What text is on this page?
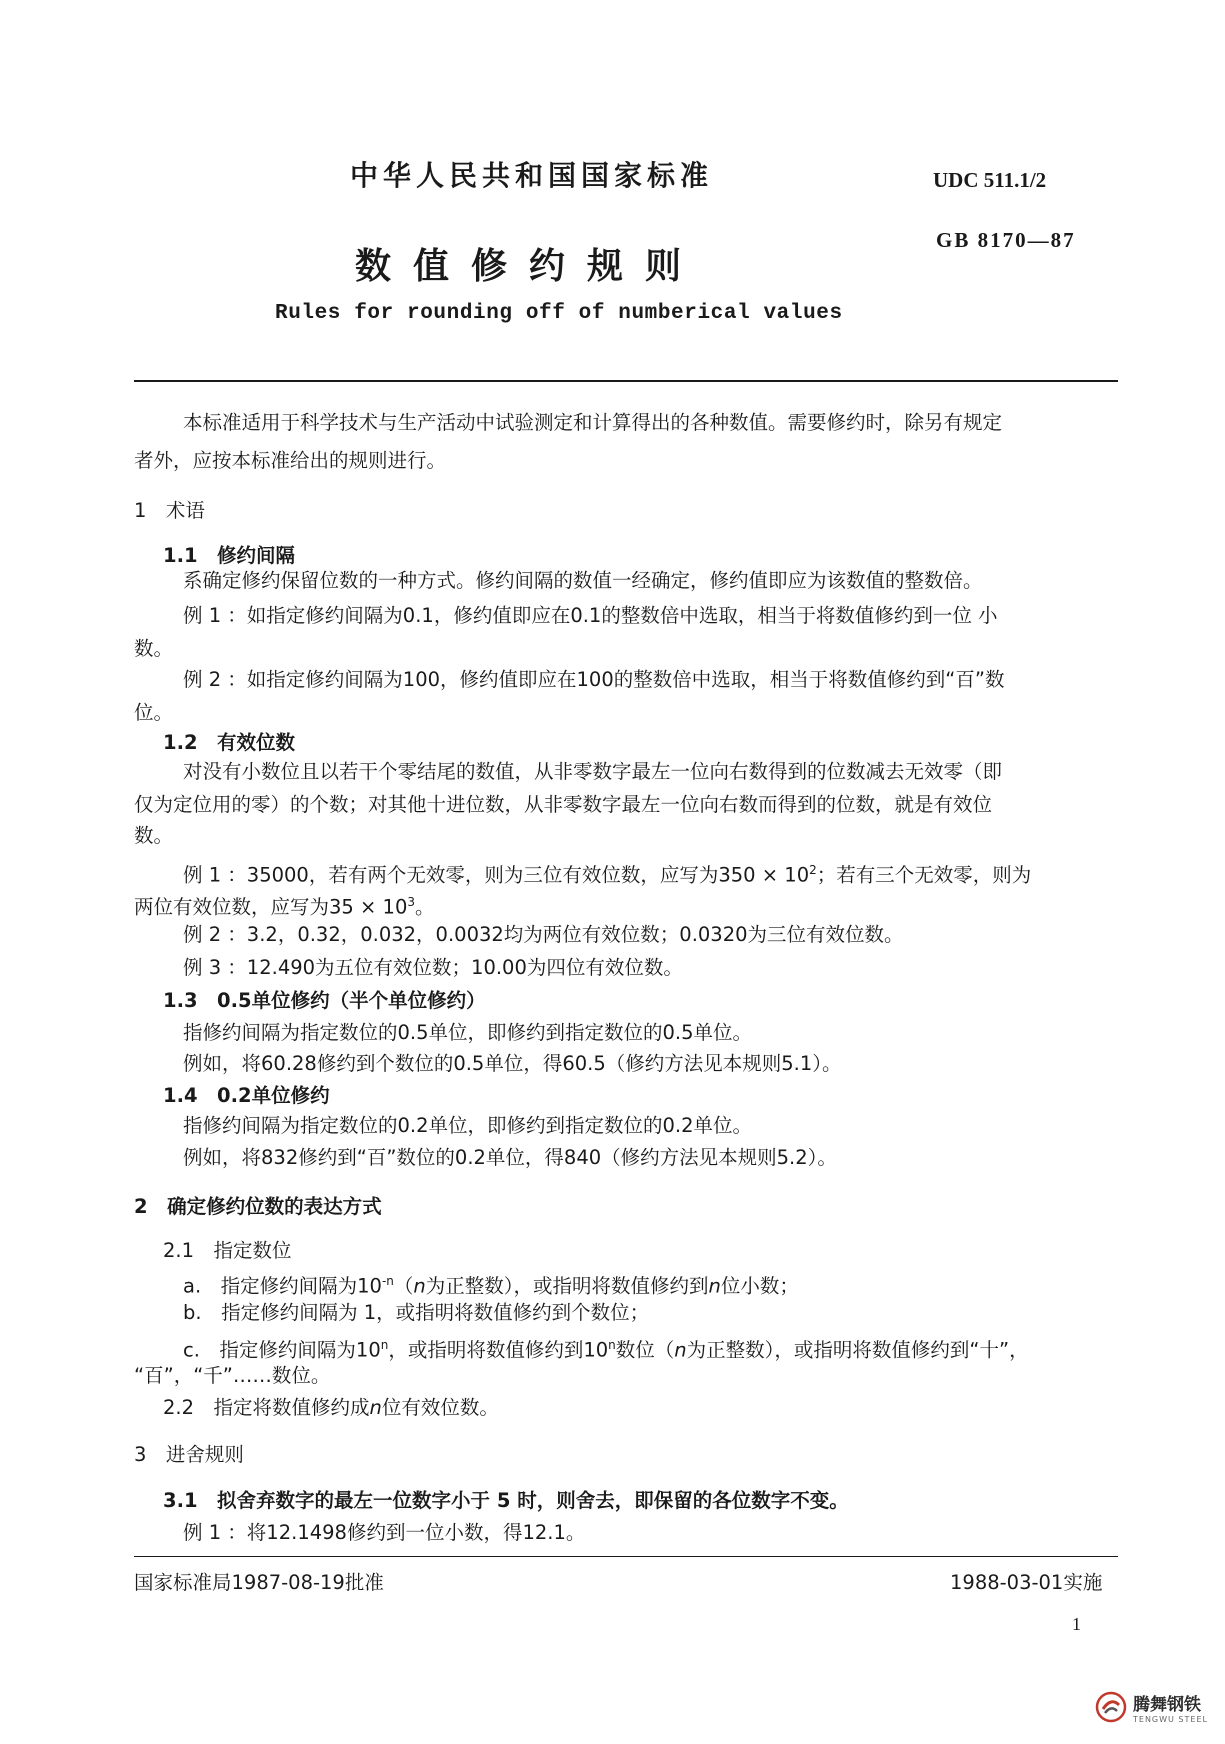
中华人民共和国国家标准	UDC 511.1/2
数值修约规则
GB 8170—87
Rules for rounding off of numberical values
本标准适用于科学技术与生产活动中试验测定和计算得出的各种数值。需要修约时，除另有规定
者外，应按本标准给出的规则进行。
1　术语
1.1　修约间隔
系确定修约保留位数的一种方式。修约间隔的数值一经确定，修约值即应为该数值的整数倍。
例 1 ：如指定修约间隔为0.1，修约值即应在0.1的整数倍中选取，相当于将数值修约到一位 小
数。
例 2 ：如指定修约间隔为100，修约值即应在100的整数倍中选取，相当于将数值修约到“百”数
位。
1.2　有效位数
对没有小数位且以若干个零结尾的数值，从非零数字最左一位向右数得到的位数减去无效零（即
仅为定位用的零）的个数；对其他十进位数，从非零数字最左一位向右数而得到的位数，就是有效位
数。
例 1 ：35000，若有两个无效零，则为三位有效位数，应写为$350 \times 10^2$；若有三个无效零，则为
两位有效位数，应写为$35 \times 10^3$。
例 2 ：3.2，0.32，0.032，0.0032均为两位有效位数；0.0320为三位有效位数。
例 3 ：12.490为五位有效位数；10.00为四位有效位数。
1.3　0.5单位修约（半个单位修约）
指修约间隔为指定数位的0.5单位，即修约到指定数位的0.5单位。
例如，将60.28修约到个数位的0.5单位，得60.5（修约方法见本规则5.1）。
1.4　0.2单位修约
指修约间隔为指定数位的0.2单位，即修约到指定数位的0.2单位。
例如，将832修约到“百”数位的0.2单位，得840（修约方法见本规则5.2）。
2　确定修约位数的表达方式
2.1　指定数位
a.　指定修约间隔为$10^{-n}(n$为正整数），或指明将数值修约到n位小数；
b.　指定修约间隔为 1，或指明将数值修约到个数位；
c.　指定修约间隔为10$^n$，或指明将数值修约到10$^n$数位（n为正整数），或指明将数值修约到“十”，
“百”，“千”……数位。
2.2　指定将数值修约成n位有效位数。
3　进舍规则
3.1　拟舍弃数字的最左一位数字小于 5 时，则舍去，即保留的各位数字不变。
例 1 ：将12.1498修约到一位小数，得12.1。
国家标准局1987-08-19批准	1988-03-01实施
1
腾舞钢铁
TENGWU STEEL
